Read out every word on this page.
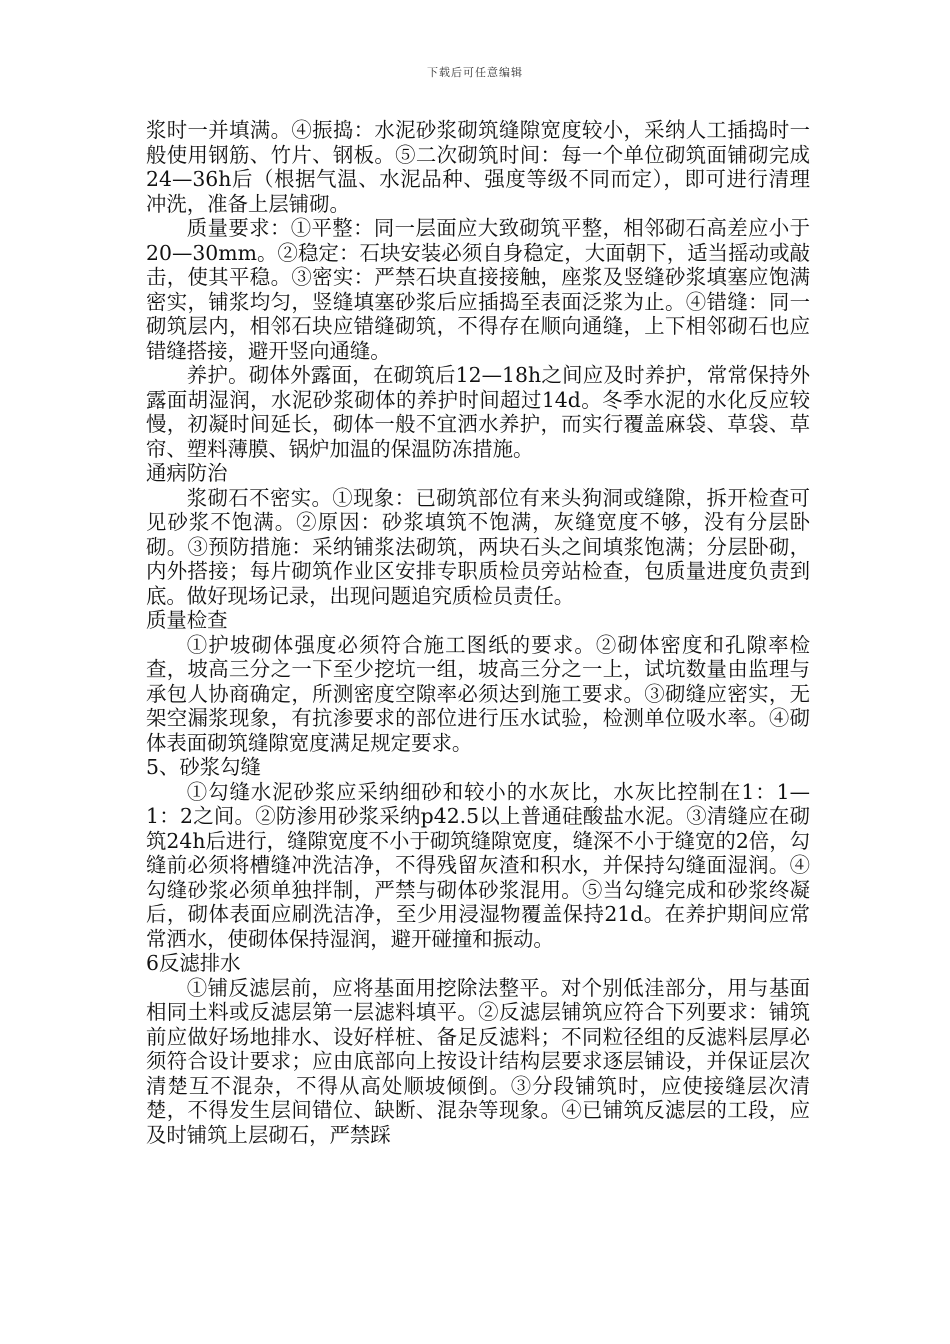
下载后可任意编辑

浆时一并填满。④振捣：水泥砂浆砌筑缝隙宽度较小，采纳人工插捣时一般使用钢筋、竹片、钢板。⑤二次砌筑时间：每一个单位砌筑面铺砌完成24—36h后（根据气温、水泥品种、强度等级不同而定），即可进行清理冲洗，准备上层铺砌。

质量要求：①平整：同一层面应大致砌筑平整，相邻砌石高差应小于20—30mm。②稳定：石块安装必须自身稳定，大面朝下，适当摇动或敲击，使其平稳。③密实：严禁石块直接接触，座浆及竖缝砂浆填塞应饱满密实，铺浆均匀，竖缝填塞砂浆后应插捣至表面泛浆为止。④错缝：同一砌筑层内，相邻石块应错缝砌筑，不得存在顺向通缝，上下相邻砌石也应错缝搭接，避开竖向通缝。

养护。砌体外露面，在砌筑后12—18h之间应及时养护，常常保持外露面胡湿润，水泥砂浆砌体的养护时间超过14d。冬季水泥的水化反应较慢，初凝时间延长，砌体一般不宜洒水养护，而实行覆盖麻袋、草袋、草帘、塑料薄膜、锅炉加温的保温防冻措施。

通病防治

浆砌石不密实。①现象：已砌筑部位有来头狗洞或缝隙，拆开检查可见砂浆不饱满。②原因：砂浆填筑不饱满，灰缝宽度不够，没有分层卧砌。③预防措施：采纳铺浆法砌筑，两块石头之间填浆饱满；分层卧砌，内外搭接；每片砌筑作业区安排专职质检员旁站检查，包质量进度负责到底。做好现场记录，出现问题追究质检员责任。

质量检查

①护坡砌体强度必须符合施工图纸的要求。②砌体密度和孔隙率检查，坡高三分之一下至少挖坑一组，坡高三分之一上，试坑数量由监理与承包人协商确定，所测密度空隙率必须达到施工要求。③砌缝应密实，无架空漏浆现象，有抗渗要求的部位进行压水试验，检测单位吸水率。④砌体表面砌筑缝隙宽度满足规定要求。

5、砂浆勾缝

①勾缝水泥砂浆应采纳细砂和较小的水灰比，水灰比控制在1：1—1：2之间。②防渗用砂浆采纳p42.5以上普通硅酸盐水泥。③清缝应在砌筑24h后进行，缝隙宽度不小于砌筑缝隙宽度，缝深不小于缝宽的2倍，勾缝前必须将槽缝冲洗洁净，不得残留灰渣和积水，并保持勾缝面湿润。④勾缝砂浆必须单独拌制，严禁与砌体砂浆混用。⑤当勾缝完成和砂浆终凝后，砌体表面应刷洗洁净，至少用浸湿物覆盖保持21d。在养护期间应常常洒水，使砌体保持湿润，避开碰撞和振动。

6反滤排水

①铺反滤层前，应将基面用挖除法整平。对个别低洼部分，用与基面相同土料或反滤层第一层滤料填平。②反滤层铺筑应符合下列要求：铺筑前应做好场地排水、设好样桩、备足反滤料；不同粒径组的反滤料层厚必须符合设计要求；应由底部向上按设计结构层要求逐层铺设，并保证层次清楚互不混杂，不得从高处顺坡倾倒。③分段铺筑时，应使接缝层次清楚，不得发生层间错位、缺断、混杂等现象。④已铺筑反滤层的工段，应及时铺筑上层砌石，严禁踩
